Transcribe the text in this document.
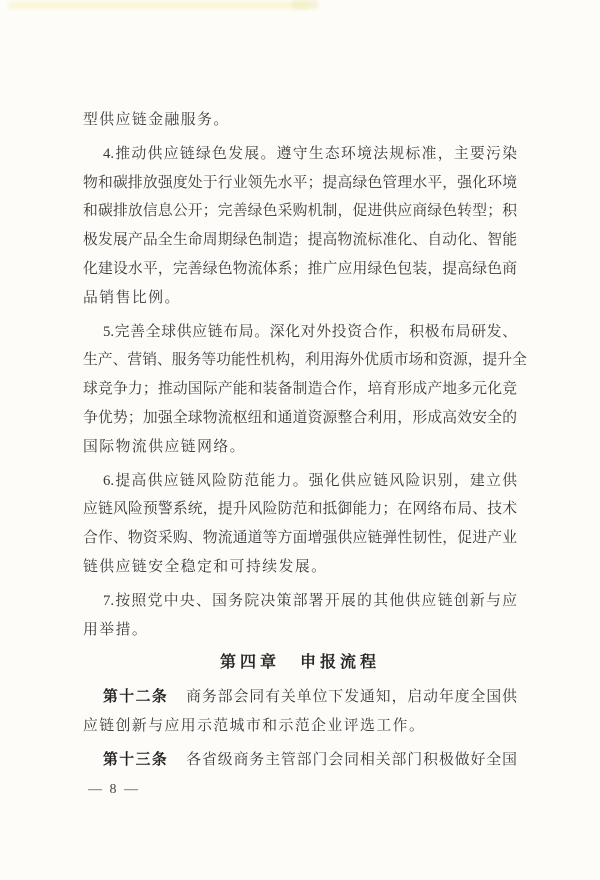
型供应链金融服务。

4.推动供应链绿色发展。遵守生态环境法规标准，主要污染

物和碳排放强度处于行业领先水平；提高绿色管理水平，强化环境

和碳排放信息公开；完善绿色采购机制，促进供应商绿色转型；积

极发展产品全生命周期绿色制造；提高物流标准化、自动化、智能

化建设水平，完善绿色物流体系；推广应用绿色包装，提高绿色商

品销售比例。

5.完善全球供应链布局。深化对外投资合作，积极布局研发、

生产、营销、服务等功能性机构，利用海外优质市场和资源，提升全

球竞争力；推动国际产能和装备制造合作，培育形成产地多元化竞

争优势；加强全球物流枢纽和通道资源整合利用，形成高效安全的

国际物流供应链网络。

6.提高供应链风险防范能力。强化供应链风险识别，建立供

应链风险预警系统，提升风险防范和抵御能力；在网络布局、技术

合作、物资采购、物流通道等方面增强供应链弹性韧性，促进产业

链供应链安全稳定和可持续发展。

7.按照党中央、国务院决策部署开展的其他供应链创新与应

用举措。

第四章　申报流程

第十二条 商务部会同有关单位下发通知，启动年度全国供

应链创新与应用示范城市和示范企业评选工作。

第十三条 各省级商务主管部门会同相关部门积极做好全国

— 8 —
